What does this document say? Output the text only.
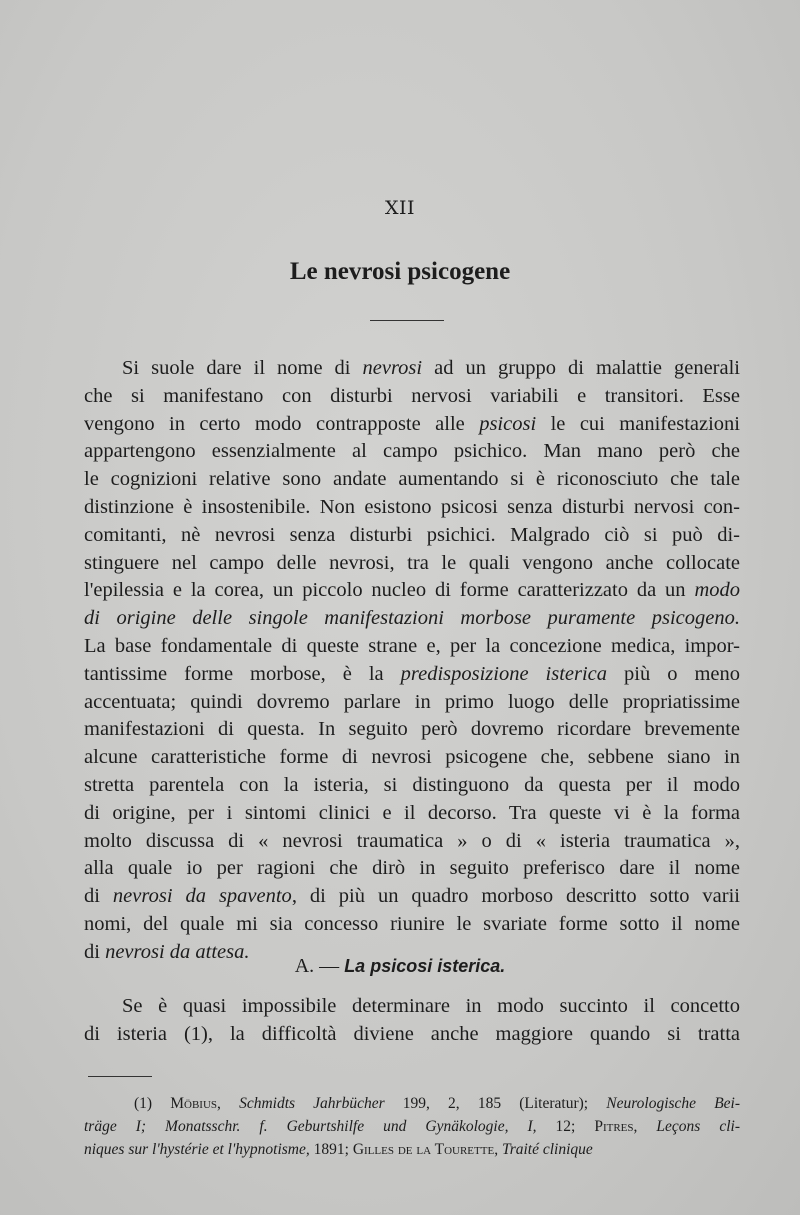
XII
Le nevrosi psicogene
Si suole dare il nome di nevrosi ad un gruppo di malattie generali
che si manifestano con disturbi nervosi variabili e transitori. Esse
vengono in certo modo contrapposte alle psicosi le cui manifestazioni
appartengono essenzialmente al campo psichico. Man mano però che
le cognizioni relative sono andate aumentando si è riconosciuto che tale
distinzione è insostenibile. Non esistono psicosi senza disturbi nervosi con-
comitanti, nè nevrosi senza disturbi psichici. Malgrado ciò si può di-
stinguere nel campo delle nevrosi, tra le quali vengono anche collocate
l'epilessia e la corea, un piccolo nucleo di forme caratterizzato da un modo
di origine delle singole manifestazioni morbose puramente psicogeno.
La base fondamentale di queste strane e, per la concezione medica, impor-
tantissime forme morbose, è la predisposizione isterica più o meno
accentuata; quindi dovremo parlare in primo luogo delle propriatissime
manifestazioni di questa. In seguito però dovremo ricordare brevemente
alcune caratteristiche forme di nevrosi psicogene che, sebbene siano in
stretta parentela con la isteria, si distinguono da questa per il modo
di origine, per i sintomi clinici e il decorso. Tra queste vi è la forma
molto discussa di « nevrosi traumatica » o di « isteria traumatica »,
alla quale io per ragioni che dirò in seguito preferisco dare il nome
di nevrosi da spavento, di più un quadro morboso descritto sotto varii
nomi, del quale mi sia concesso riunire le svariate forme sotto il nome
di nevrosi da attesa.
A. — La psicosi isterica.
Se è quasi impossibile determinare in modo succinto il concetto
di isteria (1), la difficoltà diviene anche maggiore quando si tratta
(1) Möbius, Schmidts Jahrbücher 199, 2, 185 (Literatur); Neurologische Bei-
träge I; Monatsschr. f. Geburtshilfe und Gynäkologie, I, 12; Pitres, Leçons cli-
niques sur l'hystérie et l'hypnotisme, 1891; Gilles de la Tourette, Traité clinique
